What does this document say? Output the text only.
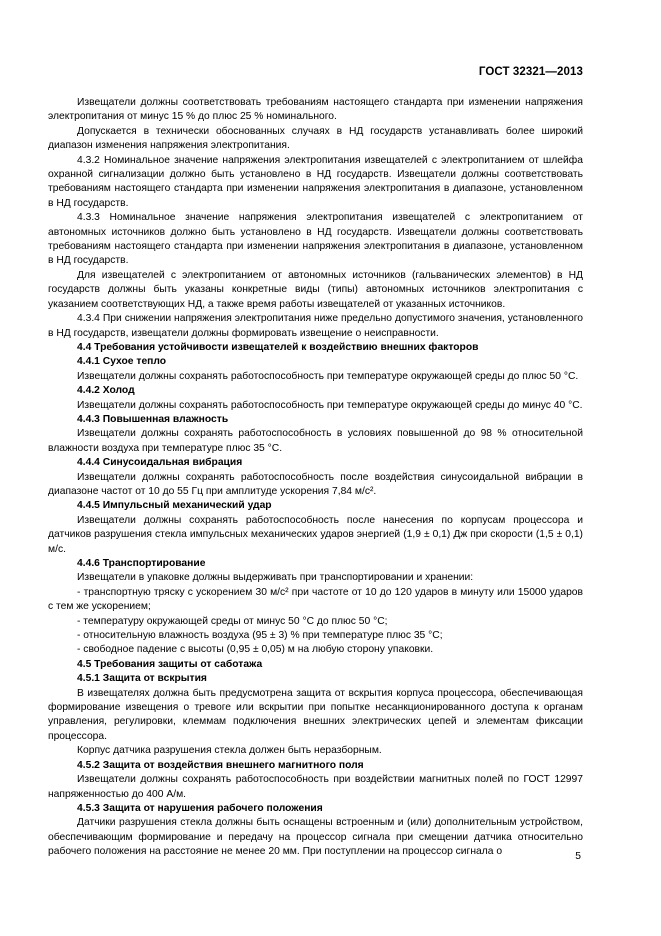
ГОСТ 32321—2013

Извещатели должны соответствовать требованиям настоящего стандарта при изменении напряжения электропитания от минус 15 % до плюс 25 % номинального.

Допускается в технически обоснованных случаях в НД государств устанавливать более широкий диапазон изменения напряжения электропитания.

4.3.2 Номинальное значение напряжения электропитания извещателей с электропитанием от шлейфа охранной сигнализации должно быть установлено в НД государств. Извещатели должны соответствовать требованиям настоящего стандарта при изменении напряжения электропитания в диапазоне, установленном в НД государств.

4.3.3 Номинальное значение напряжения электропитания извещателей с электропитанием от автономных источников должно быть установлено в НД государств. Извещатели должны соответствовать требованиям настоящего стандарта при изменении напряжения электропитания в диапазоне, установленном в НД государств.

Для извещателей с электропитанием от автономных источников (гальванических элементов) в НД государств должны быть указаны конкретные виды (типы) автономных источников электропитания с указанием соответствующих НД, а также время работы извещателей от указанных источников.

4.3.4 При снижении напряжения электропитания ниже предельно допустимого значения, установленного в НД государств, извещатели должны формировать извещение о неисправности.

4.4 Требования устойчивости извещателей к воздействию внешних факторов

4.4.1 Сухое тепло

Извещатели должны сохранять работоспособность при температуре окружающей среды до плюс 50 °С.

4.4.2 Холод

Извещатели должны сохранять работоспособность при температуре окружающей среды до минус 40 °С.

4.4.3 Повышенная влажность

Извещатели должны сохранять работоспособность в условиях повышенной до 98 % относительной влажности воздуха при температуре плюс 35 °С.

4.4.4 Синусоидальная вибрация

Извещатели должны сохранять работоспособность после воздействия синусоидальной вибрации в диапазоне частот от 10 до 55 Гц при амплитуде ускорения 7,84 м/с².

4.4.5 Импульсный механический удар

Извещатели должны сохранять работоспособность после нанесения по корпусам процессора и датчиков разрушения стекла импульсных механических ударов энергией (1,9 ± 0,1) Дж при скорости (1,5 ± 0,1) м/с.

4.4.6 Транспортирование

Извещатели в упаковке должны выдерживать при транспортировании и хранении:

- транспортную тряску с ускорением 30 м/с² при частоте от 10 до 120 ударов в минуту или 15000 ударов с тем же ускорением;

- температуру окружающей среды от минус 50 °С до плюс 50 °С;

- относительную влажность воздуха (95 ± 3) % при температуре плюс 35 °С;

- свободное падение с высоты (0,95 ± 0,05) м на любую сторону упаковки.

4.5 Требования защиты от саботажа

4.5.1 Защита от вскрытия

В извещателях должна быть предусмотрена защита от вскрытия корпуса процессора, обеспечивающая формирование извещения о тревоге или вскрытии при попытке несанкционированного доступа к органам управления, регулировки, клеммам подключения внешних электрических цепей и элементам фиксации процессора.

Корпус датчика разрушения стекла должен быть неразборным.

4.5.2 Защита от воздействия внешнего магнитного поля

Извещатели должны сохранять работоспособность при воздействии магнитных полей по ГОСТ 12997 напряженностью до 400 А/м.

4.5.3 Защита от нарушения рабочего положения

Датчики разрушения стекла должны быть оснащены встроенным и (или) дополнительным устройством, обеспечивающим формирование и передачу на процессор сигнала при смещении датчика относительно рабочего положения на расстояние не менее 20 мм. При поступлении на процессор сигнала о	5
